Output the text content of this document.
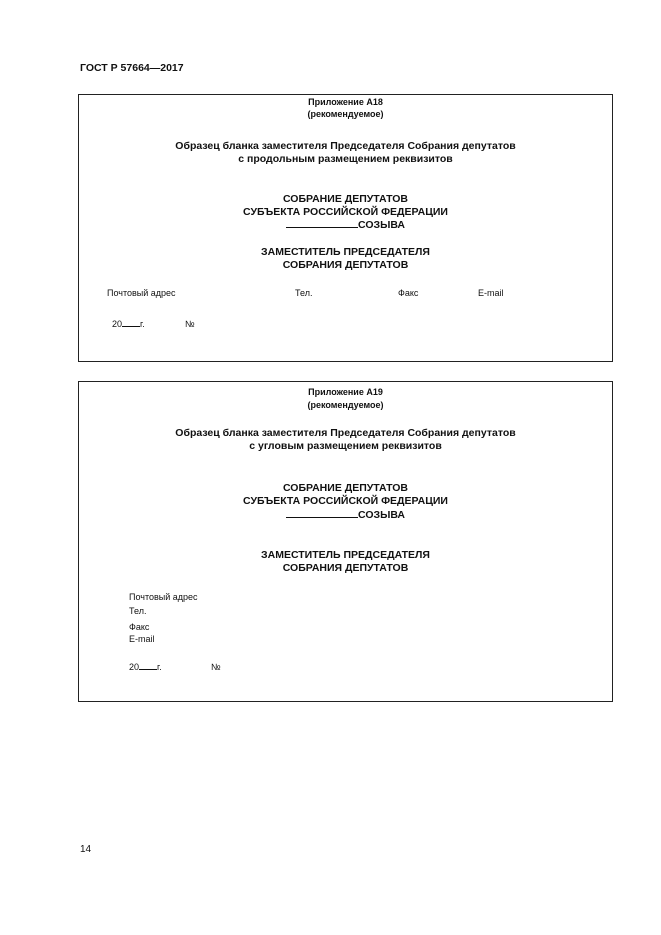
ГОСТ Р 57664—2017
Приложение А18
(рекомендуемое)
Образец бланка заместителя Председателя Собрания депутатов
с продольным размещением реквизитов
СОБРАНИЕ ДЕПУТАТОВ
СУБЪЕКТА РОССИЙСКОЙ ФЕДЕРАЦИИ
СОЗЫВА
ЗАМЕСТИТЕЛЬ ПРЕДСЕДАТЕЛЯ
СОБРАНИЯ ДЕПУТАТОВ
Почтовый адрес	Тел.	Факс	E-mail
20 г.	№
Приложение А19
(рекомендуемое)
Образец бланка заместителя Председателя Собрания депутатов
с угловым размещением реквизитов
СОБРАНИЕ ДЕПУТАТОВ
СУБЪЕКТА РОССИЙСКОЙ ФЕДЕРАЦИИ
СОЗЫВА
ЗАМЕСТИТЕЛЬ ПРЕДСЕДАТЕЛЯ
СОБРАНИЯ ДЕПУТАТОВ
Почтовый адрес
Тел.
Факс
E-mail
20 г.	№
14
